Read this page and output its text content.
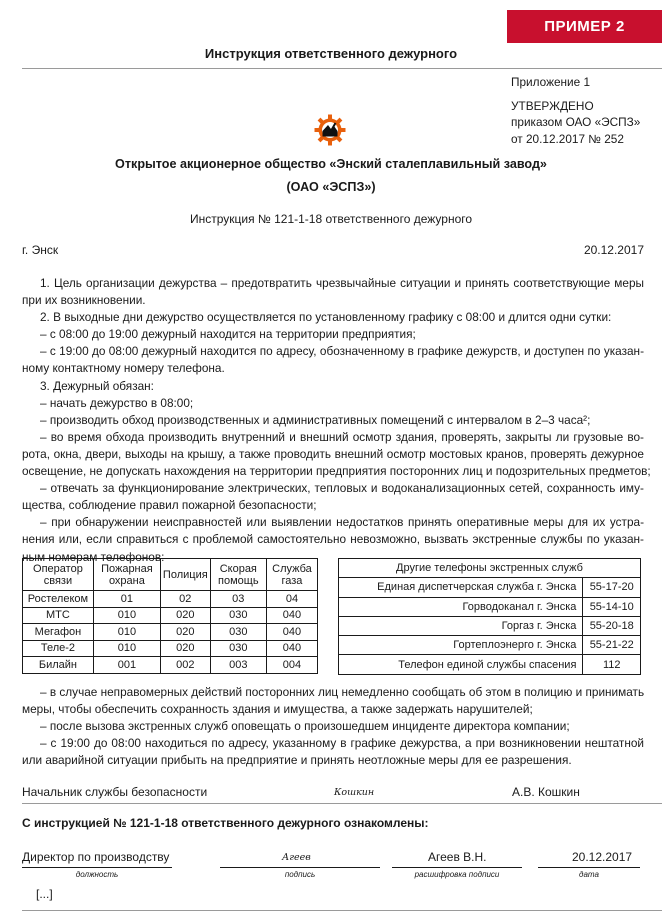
ПРИМЕР 2
Инструкция ответственного дежурного
Приложение 1
УТВЕРЖДЕНО
приказом ОАО «ЭСПЗ»
от 20.12.2017 № 252
Открытое акционерное общество «Энский сталеплавильный завод»
(ОАО «ЭСПЗ»)
Инструкция № 121-1-18 ответственного дежурного
г. Энск	20.12.2017
1. Цель организации дежурства – предотвратить чрезвычайные ситуации и принять соответствующие меры
при их возникновении.
2. В выходные дни дежурство осуществляется по установленному графику с 08:00 и длится одни сутки:
– с 08:00 до 19:00 дежурный находится на территории предприятия;
– с 19:00 до 08:00 дежурный находится по адресу, обозначенному в графике дежурств, и доступен по указан-
ному контактному номеру телефона.
3. Дежурный обязан:
– начать дежурство в 08:00;
– производить обход производственных и административных помещений с интервалом в 2–3 часа²;
– во время обхода производить внутренний и внешний осмотр здания, проверять, закрыты ли грузовые во-
рота, окна, двери, выходы на крышу, а также проводить внешний осмотр мостовых кранов, проверять дежурное
освещение, не допускать нахождения на территории предприятия посторонних лиц и подозрительных предметов;
– отвечать за функционирование электрических, тепловых и водоканализационных сетей, сохранность иму-
щества, соблюдение правил пожарной безопасности;
– при обнаружении неисправностей или выявлении недостатков принять оперативные меры для их устра-
нения или, если справиться с проблемой самостоятельно невозможно, вызвать экстренные службы по указан-
ным номерам телефонов:
Оператор связи	Пожарная охрана	Полиция	Скорая помощь	Служба газа
Ростелеком	01	02	03	04
МТС	010	020	030	040
Мегафон	010	020	030	040
Теле-2	010	020	030	040
Билайн	001	002	003	004
Другие телефоны экстренных служб	
Единая диспетчерская служба г. Энска	55-17-20
Горводоканал г. Энска	55-14-10
Горгаз г. Энска	55-20-18
Гортеплоэнерго г. Энска	55-21-22
Телефон единой службы спасения	112
– в случае неправомерных действий посторонних лиц немедленно сообщать об этом в полицию и принимать
меры, чтобы обеспечить сохранность здания и имущества, а также задержать нарушителей;
– после вызова экстренных служб оповещать о произошедшем инциденте директора компании;
– с 19:00 до 08:00 находиться по адресу, указанному в графике дежурства, а при возникновении нештатной
или аварийной ситуации прибыть на предприятие и принять неотложные меры для ее разрешения.
Начальник службы безопасности	Кошкин	А.В. Кошкин
С инструкцией № 121-1-18 ответственного дежурного ознакомлены:
Директор по производству	Агеев	Агеев В.Н.	20.12.2017
должность	подпись	расшифровка подписи	дата
[...]
